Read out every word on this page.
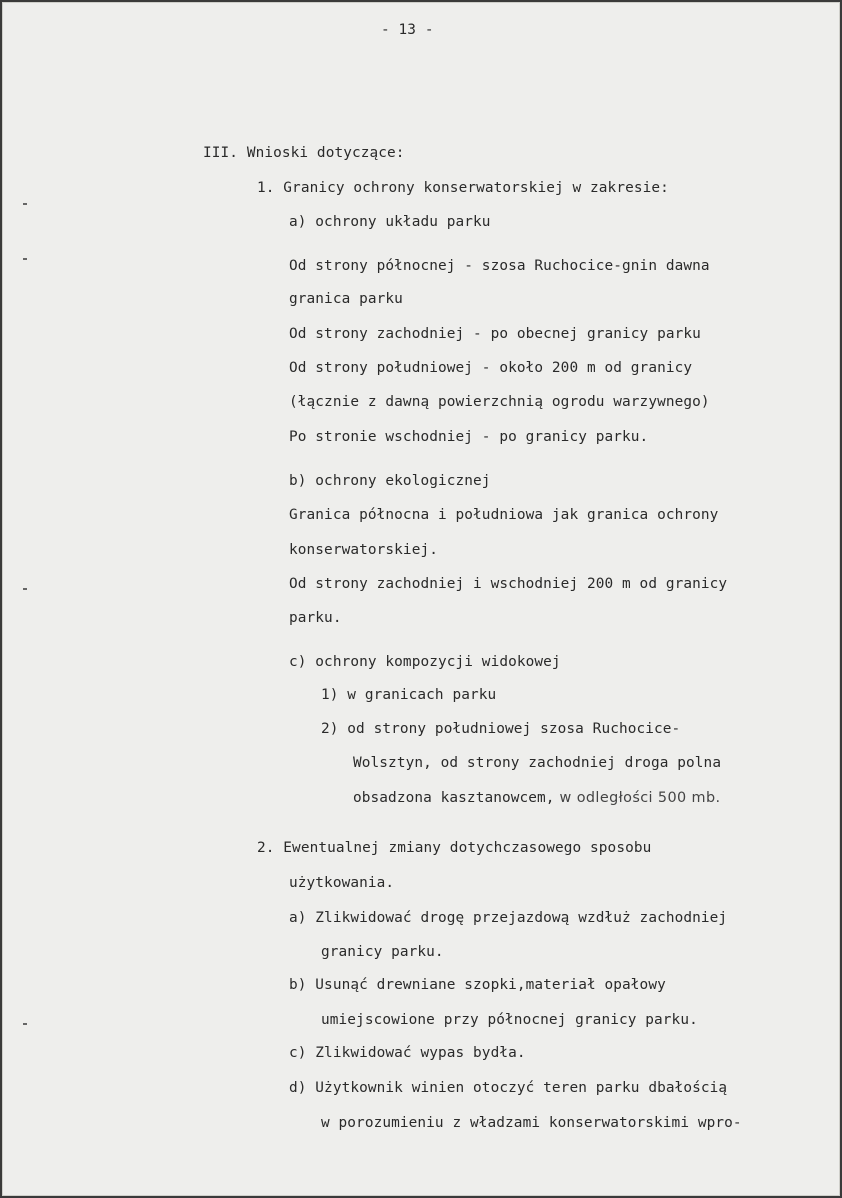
- 13 -
III. Wnioski dotyczące:
1. Granicy ochrony konserwatorskiej w zakresie:
a) ochrony układu parku
Od strony północnej - szosa Ruchocice-gnin dawna
granica parku
Od strony zachodniej - po obecnej granicy parku
Od strony południowej - około 200 m od granicy
(łącznie z dawną powierzchnią ogrodu warzywnego)
Po stronie wschodniej - po granicy parku.
b) ochrony ekologicznej
Granica północna i południowa jak granica ochrony
konserwatorskiej.
Od strony zachodniej i wschodniej 200 m od granicy
parku.
c) ochrony kompozycji widokowej
1) w granicach parku
2) od strony południowej szosa Ruchocice-
Wolsztyn, od strony zachodniej droga polna
obsadzona kasztanowcem, w odległości 500 mb.
2. Ewentualnej zmiany dotychczasowego sposobu
użytkowania.
a) Zlikwidować drogę przejazdową wzdłuż zachodniej
granicy parku.
b) Usunąć drewniane szopki,materiał opałowy
umiejscowione przy północnej granicy parku.
c) Zlikwidować wypas bydła.
d) Użytkownik winien otoczyć teren parku dbałością
w porozumieniu z władzami konserwatorskimi wpro-
